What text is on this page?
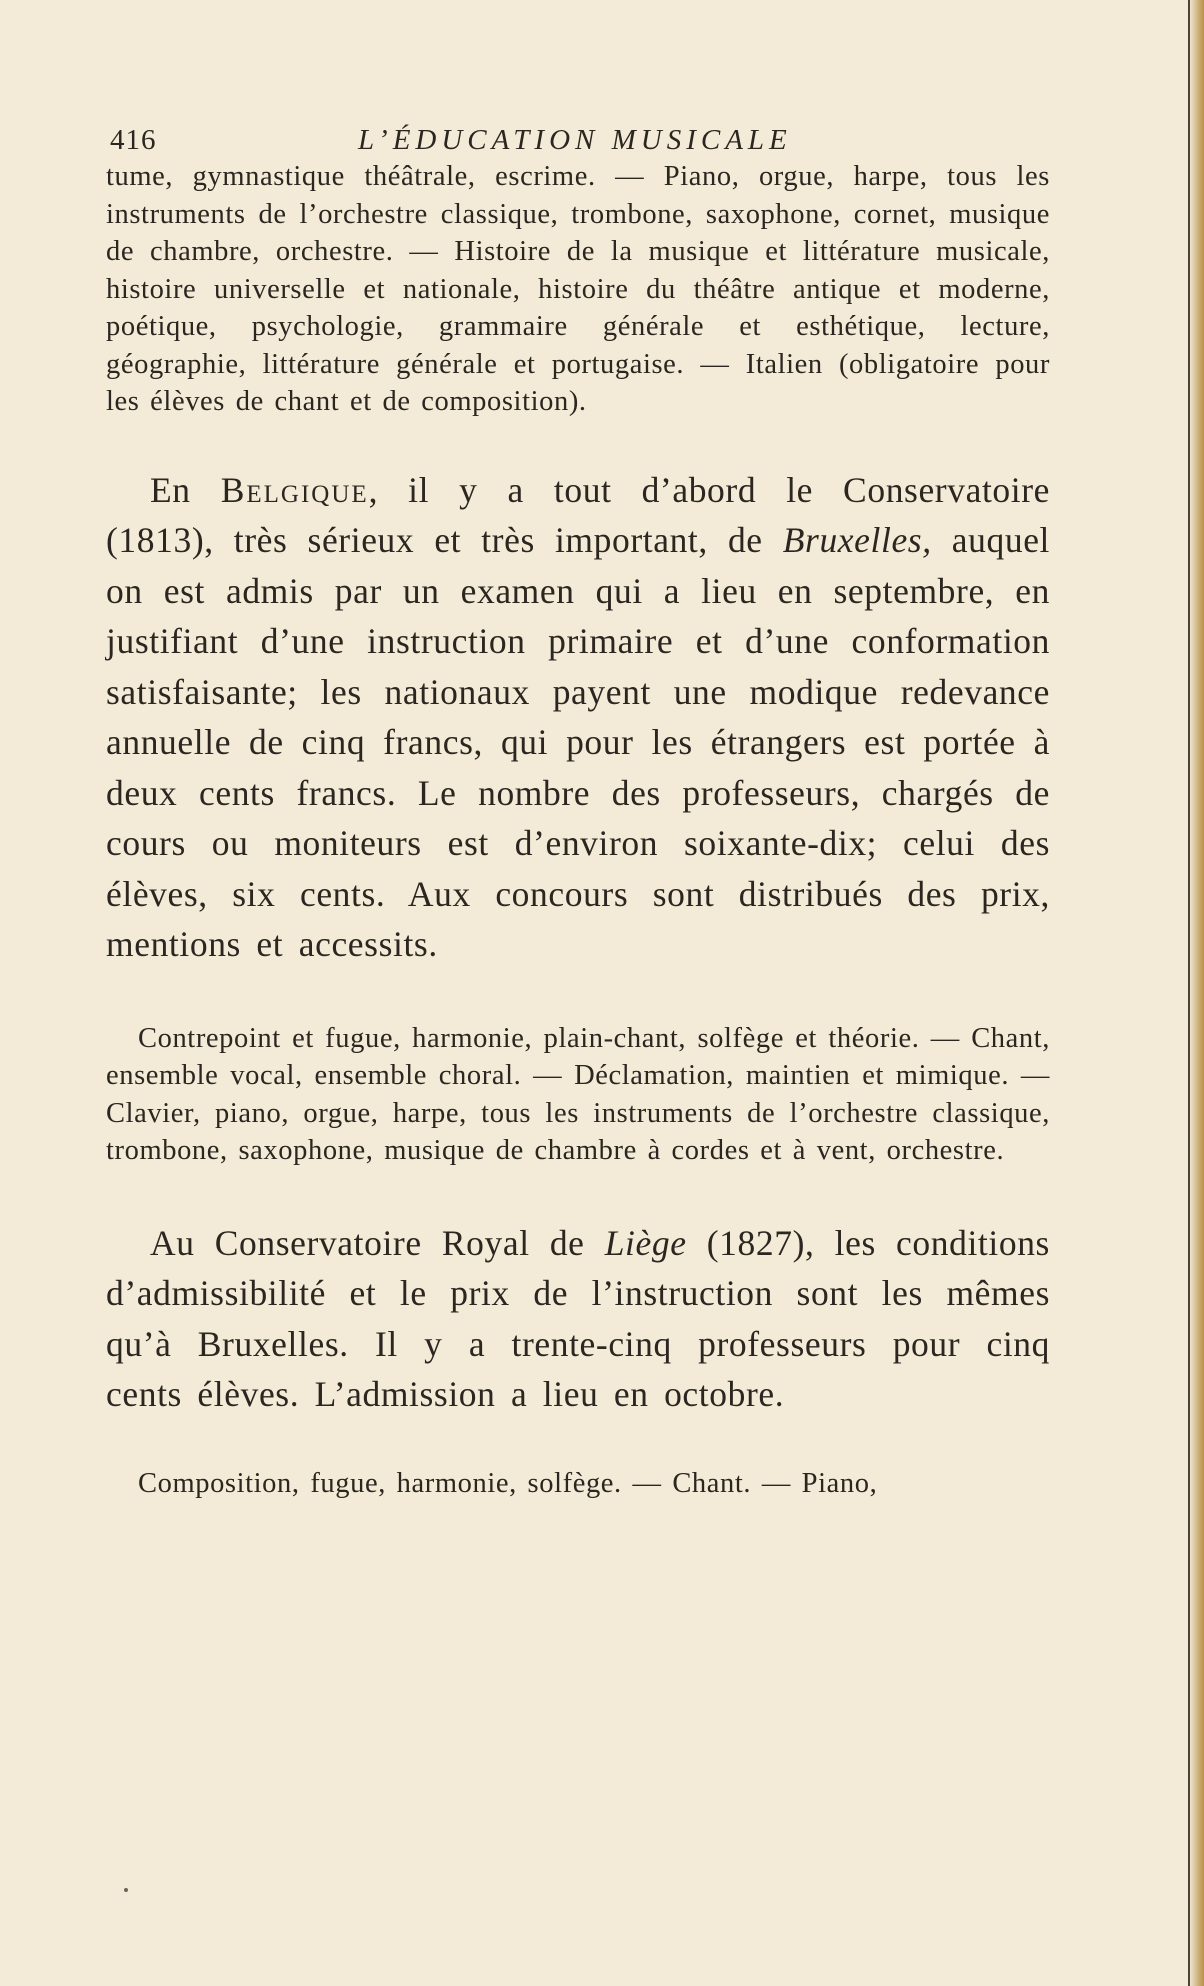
416	L’ÉDUCATION MUSICALE

tume, gymnastique théâtrale, escrime. — Piano, orgue, harpe, tous les instruments de l’orchestre classique, trombone, saxophone, cornet, musique de chambre, orchestre. — Histoire de la musique et littérature musicale, histoire universelle et nationale, histoire du théâtre antique et moderne, poétique, psychologie, grammaire générale et esthétique, lecture, géographie, littérature générale et portugaise. — Italien (obligatoire pour les élèves de chant et de composition).

En Belgique, il y a tout d’abord le Conservatoire (1813), très sérieux et très important, de Bruxelles, auquel on est admis par un examen qui a lieu en septembre, en justifiant d’une instruction primaire et d’une conformation satisfaisante; les nationaux payent une modique redevance annuelle de cinq francs, qui pour les étrangers est portée à deux cents francs. Le nombre des professeurs, chargés de cours ou moniteurs est d’environ soixante-dix; celui des élèves, six cents. Aux concours sont distribués des prix, mentions et accessits.

Contrepoint et fugue, harmonie, plain-chant, solfège et théorie. — Chant, ensemble vocal, ensemble choral. — Déclamation, maintien et mimique. — Clavier, piano, orgue, harpe, tous les instruments de l’orchestre classique, trombone, saxophone, musique de chambre à cordes et à vent, orchestre.

Au Conservatoire Royal de Liège (1827), les conditions d’admissibilité et le prix de l’instruction sont les mêmes qu’à Bruxelles. Il y a trente-cinq professeurs pour cinq cents élèves. L’admission a lieu en octobre.

Composition, fugue, harmonie, solfège. — Chant. — Piano,
